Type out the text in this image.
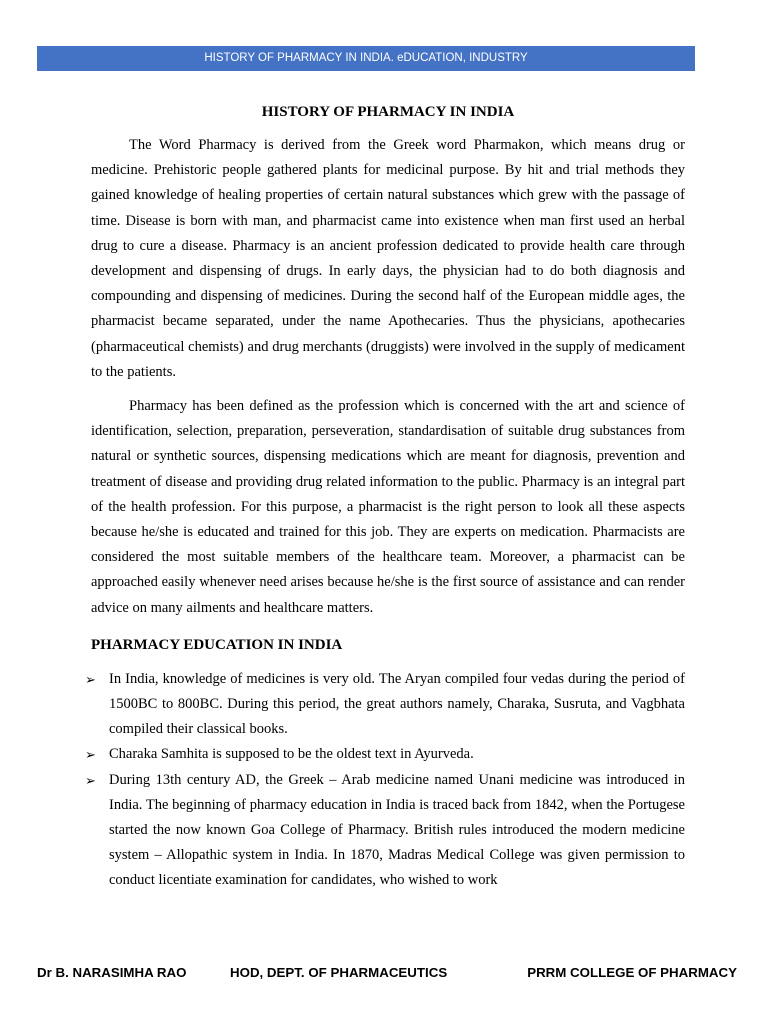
HISTORY OF PHARMACY IN INDIA. eDUCATION, INDUSTRY
HISTORY OF PHARMACY IN INDIA

The Word Pharmacy is derived from the Greek word Pharmakon, which means drug or medicine. Prehistoric people gathered plants for medicinal purpose. By hit and trial methods they gained knowledge of healing properties of certain natural substances which grew with the passage of time. Disease is born with man, and pharmacist came into existence when man first used an herbal drug to cure a disease. Pharmacy is an ancient profession dedicated to provide health care through development and dispensing of drugs. In early days, the physician had to do both diagnosis and compounding and dispensing of medicines. During the second half of the European middle ages, the pharmacist became separated, under the name Apothecaries. Thus the physicians, apothecaries (pharmaceutical chemists) and drug merchants (druggists) were involved in the supply of medicament to the patients.

Pharmacy has been defined as the profession which is concerned with the art and science of identification, selection, preparation, perseveration, standardisation of suitable drug substances from natural or synthetic sources, dispensing medications which are meant for diagnosis, prevention and treatment of disease and providing drug related information to the public. Pharmacy is an integral part of the health profession. For this purpose, a pharmacist is the right person to look all these aspects because he/she is educated and trained for this job. They are experts on medication. Pharmacists are considered the most suitable members of the healthcare team. Moreover, a pharmacist can be approached easily whenever need arises because he/she is the first source of assistance and can render advice on many ailments and healthcare matters.

PHARMACY EDUCATION IN INDIA
➢ In India, knowledge of medicines is very old. The Aryan compiled four vedas during the period of 1500BC to 800BC. During this period, the great authors namely, Charaka, Susruta, and Vagbhata compiled their classical books.
➢ Charaka Samhita is supposed to be the oldest text in Ayurveda.
➢ During 13th century AD, the Greek – Arab medicine named Unani medicine was introduced in India. The beginning of pharmacy education in India is traced back from 1842, when the Portugese started the now known Goa College of Pharmacy. British rules introduced the modern medicine system – Allopathic system in India. In 1870, Madras Medical College was given permission to conduct licentiate examination for candidates, who wished to work
Dr B. NARASIMHA RAO	HOD, DEPT. OF PHARMACEUTICS	PRRM COLLEGE OF PHARMACY
